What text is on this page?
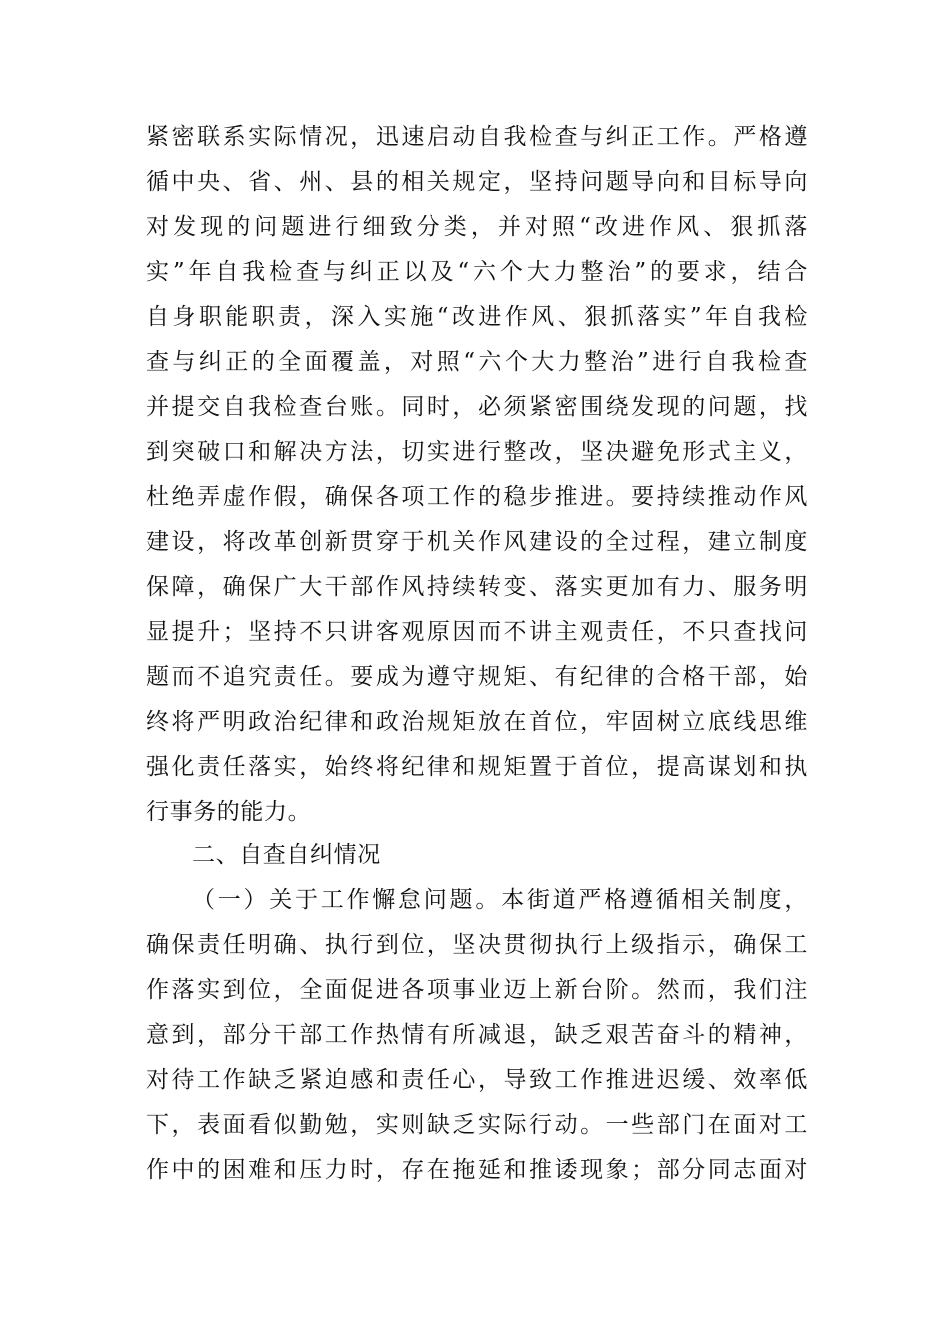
紧密联系实际情况，迅速启动自我检查与纠正工作。严格遵
循中央、省、州、县的相关规定，坚持问题导向和目标导向
对发现的问题进行细致分类，并对照“改进作风、狠抓落
实”年自我检查与纠正以及“六个大力整治”的要求，结合
自身职能职责，深入实施“改进作风、狠抓落实”年自我检
查与纠正的全面覆盖，对照“六个大力整治”进行自我检查
并提交自我检查台账。同时，必须紧密围绕发现的问题，找
到突破口和解决方法，切实进行整改，坚决避免形式主义，
杜绝弄虚作假，确保各项工作的稳步推进。要持续推动作风
建设，将改革创新贯穿于机关作风建设的全过程，建立制度
保障，确保广大干部作风持续转变、落实更加有力、服务明
显提升；坚持不只讲客观原因而不讲主观责任，不只查找问
题而不追究责任。要成为遵守规矩、有纪律的合格干部，始
终将严明政治纪律和政治规矩放在首位，牢固树立底线思维
强化责任落实，始终将纪律和规矩置于首位，提高谋划和执
行事务的能力。
二、自查自纠情况
（一）关于工作懈怠问题。本街道严格遵循相关制度，
确保责任明确、执行到位，坚决贯彻执行上级指示，确保工
作落实到位，全面促进各项事业迈上新台阶。然而，我们注
意到，部分干部工作热情有所减退，缺乏艰苦奋斗的精神，
对待工作缺乏紧迫感和责任心，导致工作推进迟缓、效率低
下，表面看似勤勉，实则缺乏实际行动。一些部门在面对工
作中的困难和压力时，存在拖延和推诿现象；部分同志面对
